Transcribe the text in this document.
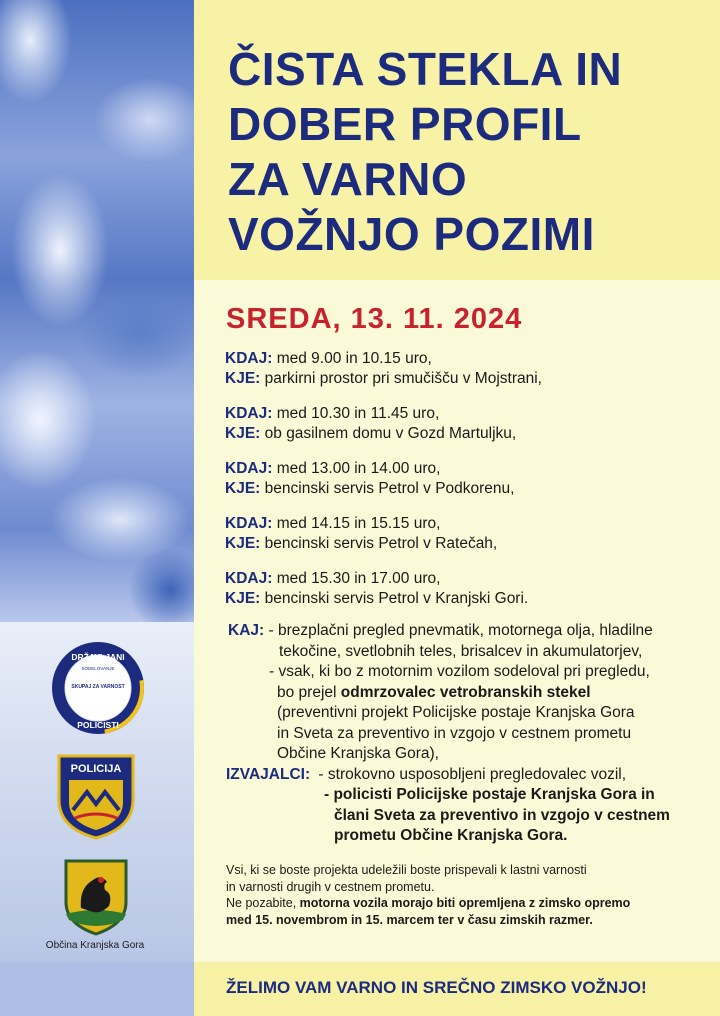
ČISTA STEKLA IN
DOBER PROFIL
ZA VARNO
VOŽNJO POZIMI
SREDA, 13. 11. 2024
KDAJ: med 9.00 in 10.15 uro,
KJE: parkirni prostor pri smučišču v Mojstrani,
KDAJ: med 10.30 in 11.45 uro,
KJE: ob gasilnem domu v Gozd Martuljku,
KDAJ: med 13.00 in 14.00 uro,
KJE: bencinski servis Petrol v Podkorenu,
KDAJ: med 14.15 in 15.15 uro,
KJE: bencinski servis Petrol v Ratečah,
KDAJ: med 15.30 in 17.00 uro,
KJE: bencinski servis Petrol v Kranjski Gori.
KAJ: - brezplačni pregled pnevmatik, motornega olja, hladilne
tekočine, svetlobnih teles, brisalcev in akumulatorjev,
- vsak, ki bo z motornim vozilom sodeloval pri pregledu,
bo prejel odmrzovalec vetrobranskih stekel
(preventivni projekt Policijske postaje Kranjska Gora
in Sveta za preventivo in vzgojo v cestnem prometu
Občine Kranjska Gora),
IZVAJALCI: - strokovno usposobljeni pregledovalec vozil,
- policisti Policijske postaje Kranjska Gora in
člani Sveta za preventivo in vzgojo v cestnem
prometu Občine Kranjska Gora.
Vsi, ki se boste projekta udeležili boste prispevali k lastni varnosti
in varnosti drugih v cestnem prometu.
Ne pozabite, motorna vozila morajo biti opremljena z zimsko opremo
med 15. novembrom in 15. marcem ter v času zimskih razmer.
ŽELIMO VAM VARNO IN SREČNO ZIMSKO VOŽNJO!
DRŽAVLJANI
SODELOVANJE
SKUPAJ ZA VARNOST
POLICISTI
POLICIJA
Občina Kranjska Gora
